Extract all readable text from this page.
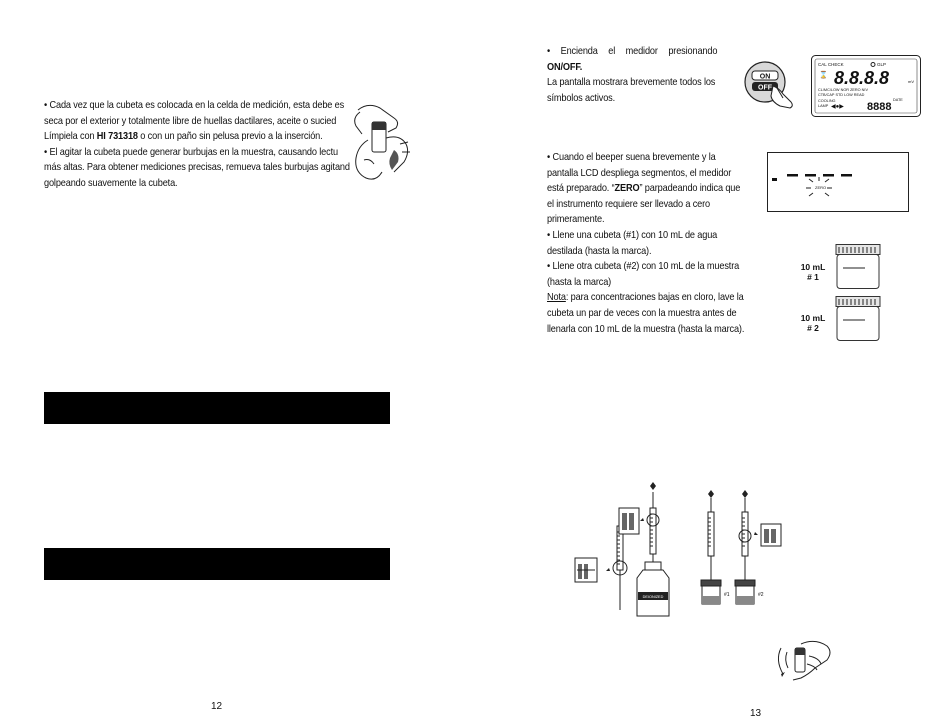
• Cada vez que la cubeta es colocada en la celda de medición, esta debe es
seca por el exterior y totalmente libre de huellas dactilares, aceite o sucied
Límpiela con HI 731318 o con un paño sin pelusa previo a la inserción.
• El agitar la cubeta puede generar burbujas en la muestra, causando lectu
más altas. Para obtener mediciones precisas, remueva tales burbujas agitand
golpeando suavemente la cubeta.
12
• Encienda el medidor presionando
ON/OFF.
La pantalla mostrara brevemente todos los
símbolos activos.
ON
OFF
CAL CHECK	GLP
⌛ 8.8.8.8	mV
CL/MC/LOW NOR ZERO NIV
CTB/CAP STD LOW READ
COOLING
LAMP ◀●▶
DATE
8888
• Cuando el beeper suena brevemente y la
pantalla LCD despliega segmentos, el medidor
está preparado. “ZERO” parpadeando indica que
el instrumento requiere ser llevado a cero
primeramente.
• Llene una cubeta (#1) con 10 mL de agua
destilada (hasta la marca).
• Llene otra cubeta (#2) con 10 mL de la muestra
(hasta la marca)
Nota: para concentraciones bajas en cloro, lave la
cubeta un par de veces con la muestra antes de
llenarla con 10 mL de la muestra (hasta la marca).
ZERO
10 mL
# 1
10 mL
# 2
DEIONIZED	#1	#2
13
